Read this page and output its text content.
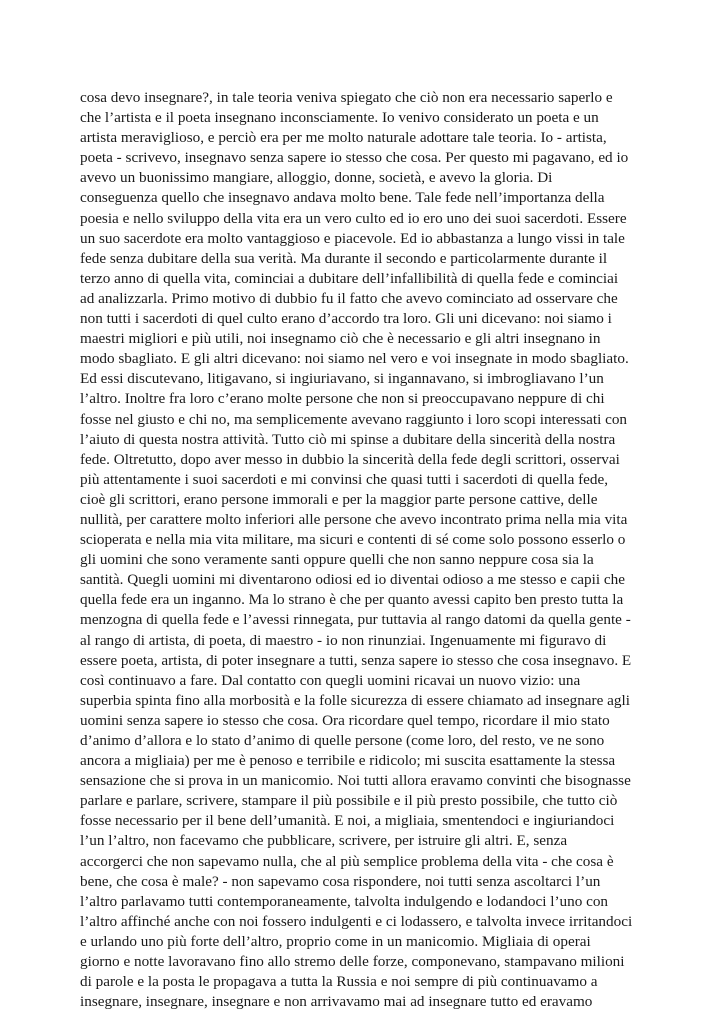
cosa devo insegnare?, in tale teoria veniva spiegato che ciò non era necessario saperlo e
che l’artista e il poeta insegnano inconsciamente. Io venivo considerato un poeta e un
artista meraviglioso, e perciò era per me molto naturale adottare tale teoria. Io - artista,
poeta - scrivevo, insegnavo senza sapere io stesso che cosa. Per questo mi pagavano, ed io
avevo un buonissimo mangiare, alloggio, donne, società, e avevo la gloria. Di
conseguenza quello che insegnavo andava molto bene. Tale fede nell’importanza della
poesia e nello sviluppo della vita era un vero culto ed io ero uno dei suoi sacerdoti. Essere
un suo sacerdote era molto vantaggioso e piacevole. Ed io abbastanza a lungo vissi in tale
fede senza dubitare della sua verità. Ma durante il secondo e particolarmente durante il
terzo anno di quella vita, cominciai a dubitare dell’infallibilità di quella fede e cominciai
ad analizzarla. Primo motivo di dubbio fu il fatto che avevo cominciato ad osservare che
non tutti i sacerdoti di quel culto erano d’accordo tra loro. Gli uni dicevano: noi siamo i
maestri migliori e più utili, noi insegnamo ciò che è necessario e gli altri insegnano in
modo sbagliato. E gli altri dicevano: noi siamo nel vero e voi insegnate in modo sbagliato.
Ed essi discutevano, litigavano, si ingiuriavano, si ingannavano, si imbrogliavano l’un
l’altro. Inoltre fra loro c’erano molte persone che non si preoccupavano neppure di chi
fosse nel giusto e chi no, ma semplicemente avevano raggiunto i loro scopi interessati con
l’aiuto di questa nostra attività. Tutto ciò mi spinse a dubitare della sincerità della nostra
fede. Oltretutto, dopo aver messo in dubbio la sincerità della fede degli scrittori, osservai
più attentamente i suoi sacerdoti e mi convinsi che quasi tutti i sacerdoti di quella fede,
cioè gli scrittori, erano persone immorali e per la maggior parte persone cattive, delle
nullità, per carattere molto inferiori alle persone che avevo incontrato prima nella mia vita
scioperata e nella mia vita militare, ma sicuri e contenti di sé come solo possono esserlo o
gli uomini che sono veramente santi oppure quelli che non sanno neppure cosa sia la
santità. Quegli uomini mi diventarono odiosi ed io diventai odioso a me stesso e capii che
quella fede era un inganno. Ma lo strano è che per quanto avessi capito ben presto tutta la
menzogna di quella fede e l’avessi rinnegata, pur tuttavia al rango datomi da quella gente -
al rango di artista, di poeta, di maestro - io non rinunziai. Ingenuamente mi figuravo di
essere poeta, artista, di poter insegnare a tutti, senza sapere io stesso che cosa insegnavo. E
così continuavo a fare. Dal contatto con quegli uomini ricavai un nuovo vizio: una
superbia spinta fino alla morbosità e la folle sicurezza di essere chiamato ad insegnare agli
uomini senza sapere io stesso che cosa. Ora ricordare quel tempo, ricordare il mio stato
d’animo d’allora e lo stato d’animo di quelle persone (come loro, del resto, ve ne sono
ancora a migliaia) per me è penoso e terribile e ridicolo; mi suscita esattamente la stessa
sensazione che si prova in un manicomio. Noi tutti allora eravamo convinti che bisognasse
parlare e parlare, scrivere, stampare il più possibile e il più presto possibile, che tutto ciò
fosse necessario per il bene dell’umanità. E noi, a migliaia, smentendoci e ingiuriandoci
l’un l’altro, non facevamo che pubblicare, scrivere, per istruire gli altri. E, senza
accorgerci che non sapevamo nulla, che al più semplice problema della vita - che cosa è
bene, che cosa è male? - non sapevamo cosa rispondere, noi tutti senza ascoltarci l’un
l’altro parlavamo tutti contemporaneamente, talvolta indulgendo e lodandoci l’uno con
l’altro affinché anche con noi fossero indulgenti e ci lodassero, e talvolta invece irritandoci
e urlando uno più forte dell’altro, proprio come in un manicomio. Migliaia di operai
giorno e notte lavoravano fino allo stremo delle forze, componevano, stampavano milioni
di parole e la posta le propagava a tutta la Russia e noi sempre di più continuavamo a
insegnare, insegnare, insegnare e non arrivavamo mai ad insegnare tutto ed eravamo
